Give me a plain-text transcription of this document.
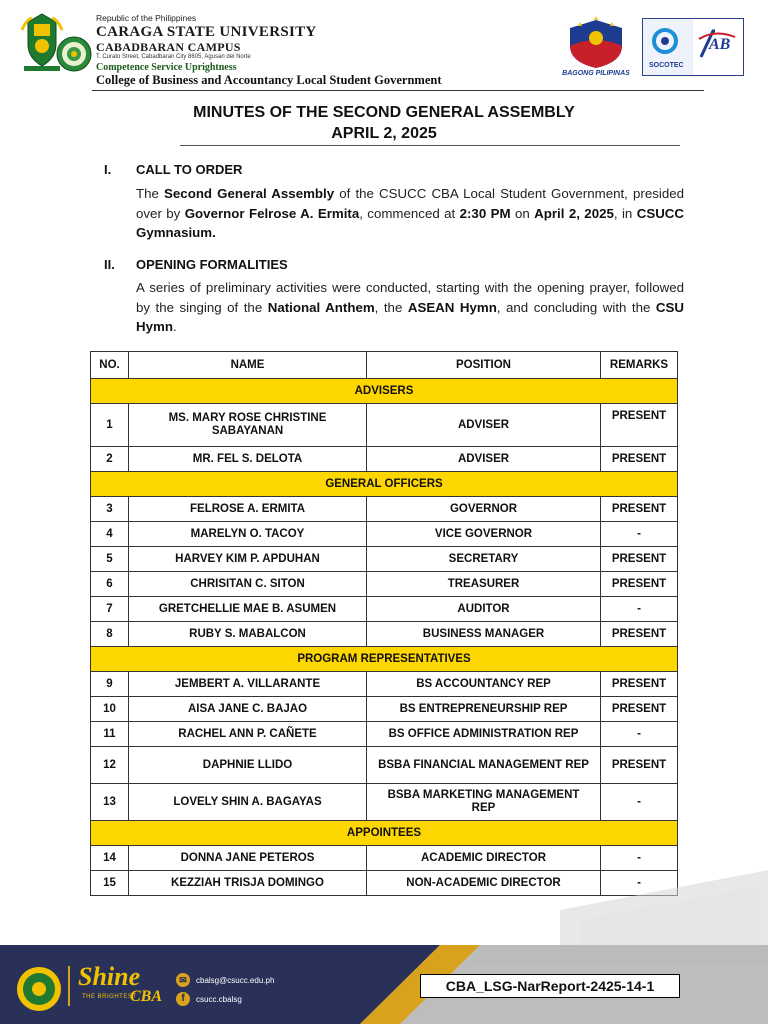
Republic of the Philippines
CARAGA STATE UNIVERSITY
CABADBARAN CAMPUS
T. Curato Street, Cabadbaran City 8605, Agusan del Norte
Competence Service Uprightness
College of Business and Accountancy Local Student Government	BAGONG PILIPINAS
SOCOTEC
AB
MINUTES OF THE SECOND GENERAL ASSEMBLY
APRIL 2, 2025
I. CALL TO ORDER
The Second General Assembly of the CSUCC CBA Local Student Government, presided over by Governor Felrose A. Ermita, commenced at 2:30 PM on April 2, 2025, in CSUCC Gymnasium.
II. OPENING FORMALITIES
A series of preliminary activities were conducted, starting with the opening prayer, followed by the singing of the National Anthem, the ASEAN Hymn, and concluding with the CSU Hymn.
NO.	NAME	POSITION	REMARKS
ADVISERS			
1	MS. MARY ROSE CHRISTINE SABAYANAN	ADVISER	PRESENT
2	MR. FEL S. DELOTA	ADVISER	PRESENT
GENERAL OFFICERS			
3	FELROSE A. ERMITA	GOVERNOR	PRESENT
4	MARELYN O. TACOY	VICE GOVERNOR	-
5	HARVEY KIM P. APDUHAN	SECRETARY	PRESENT
6	CHRISITAN C. SITON	TREASURER	PRESENT
7	GRETCHELLIE MAE B. ASUMEN	AUDITOR	-
8	RUBY S. MABALCON	BUSINESS MANAGER	PRESENT
PROGRAM REPRESENTATIVES			
9	JEMBERT A. VILLARANTE	BS ACCOUNTANCY REP	PRESENT
10	AISA JANE C. BAJAO	BS ENTREPRENEURSHIP REP	PRESENT
11	RACHEL ANN P. CAÑETE	BS OFFICE ADMINISTRATION REP	-
12	DAPHNIE LLIDO	BSBA FINANCIAL MANAGEMENT REP	PRESENT
13	LOVELY SHIN A. BAGAYAS	BSBA MARKETING MANAGEMENT REP	-
APPOINTEES			
14	DONNA JANE PETEROS	ACADEMIC DIRECTOR	-
15	KEZZIAH TRISJA DOMINGO	NON-ACADEMIC DIRECTOR	-
Shine
THE BRIGHTEST
CBA
✉	cbalsg@csucc.edu.ph
f	csucc.cbalsg
CBA_LSG-NarReport-2425-14-1
